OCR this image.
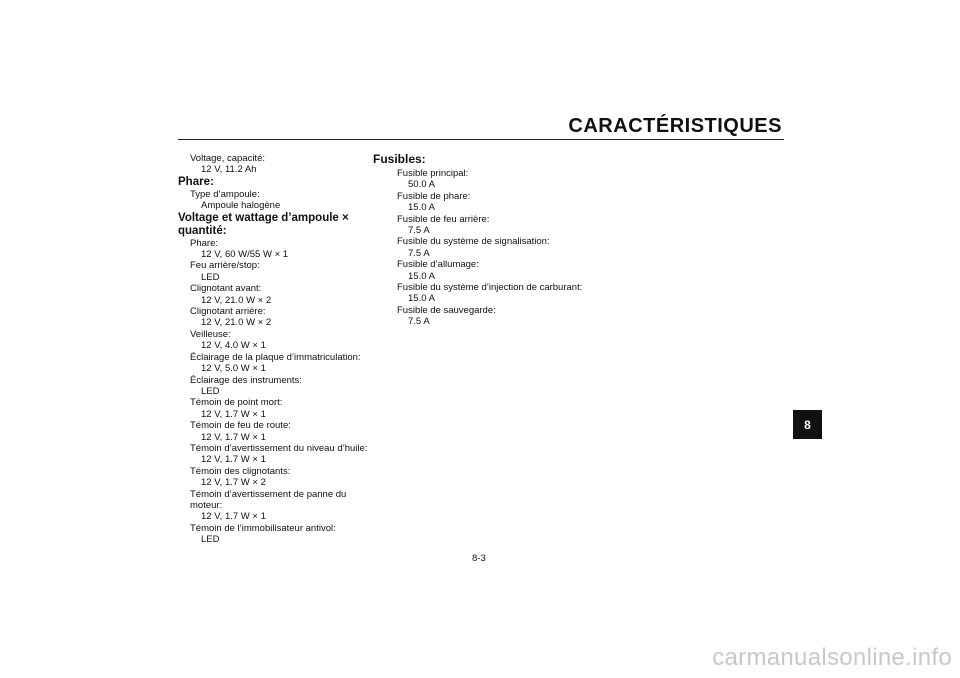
CARACTÉRISTIQUES
Voltage, capacité:
12 V, 11.2 Ah
Phare:
Type d’ampoule:
Ampoule halogène
Voltage et wattage d’ampoule × quantité:
Phare:
12 V, 60 W/55 W × 1
Feu arrière/stop:
LED
Clignotant avant:
12 V, 21.0 W × 2
Clignotant arrière:
12 V, 21.0 W × 2
Veilleuse:
12 V, 4.0 W × 1
Éclairage de la plaque d’immatriculation:
12 V, 5.0 W × 1
Éclairage des instruments:
LED
Témoin de point mort:
12 V, 1.7 W × 1
Témoin de feu de route:
12 V, 1.7 W × 1
Témoin d’avertissement du niveau d’huile:
12 V, 1.7 W × 1
Témoin des clignotants:
12 V, 1.7 W × 2
Témoin d’avertissement de panne du moteur:
12 V, 1.7 W × 1
Témoin de l’immobilisateur antivol:
LED
Fusibles:
Fusible principal:
50.0 A
Fusible de phare:
15.0 A
Fusible de feu arrière:
7.5 A
Fusible du système de signalisation:
7.5 A
Fusible d’allumage:
15.0 A
Fusible du système d’injection de carburant:
15.0 A
Fusible de sauvegarde:
7.5 A
8
8-3
carmanualsonline.info
